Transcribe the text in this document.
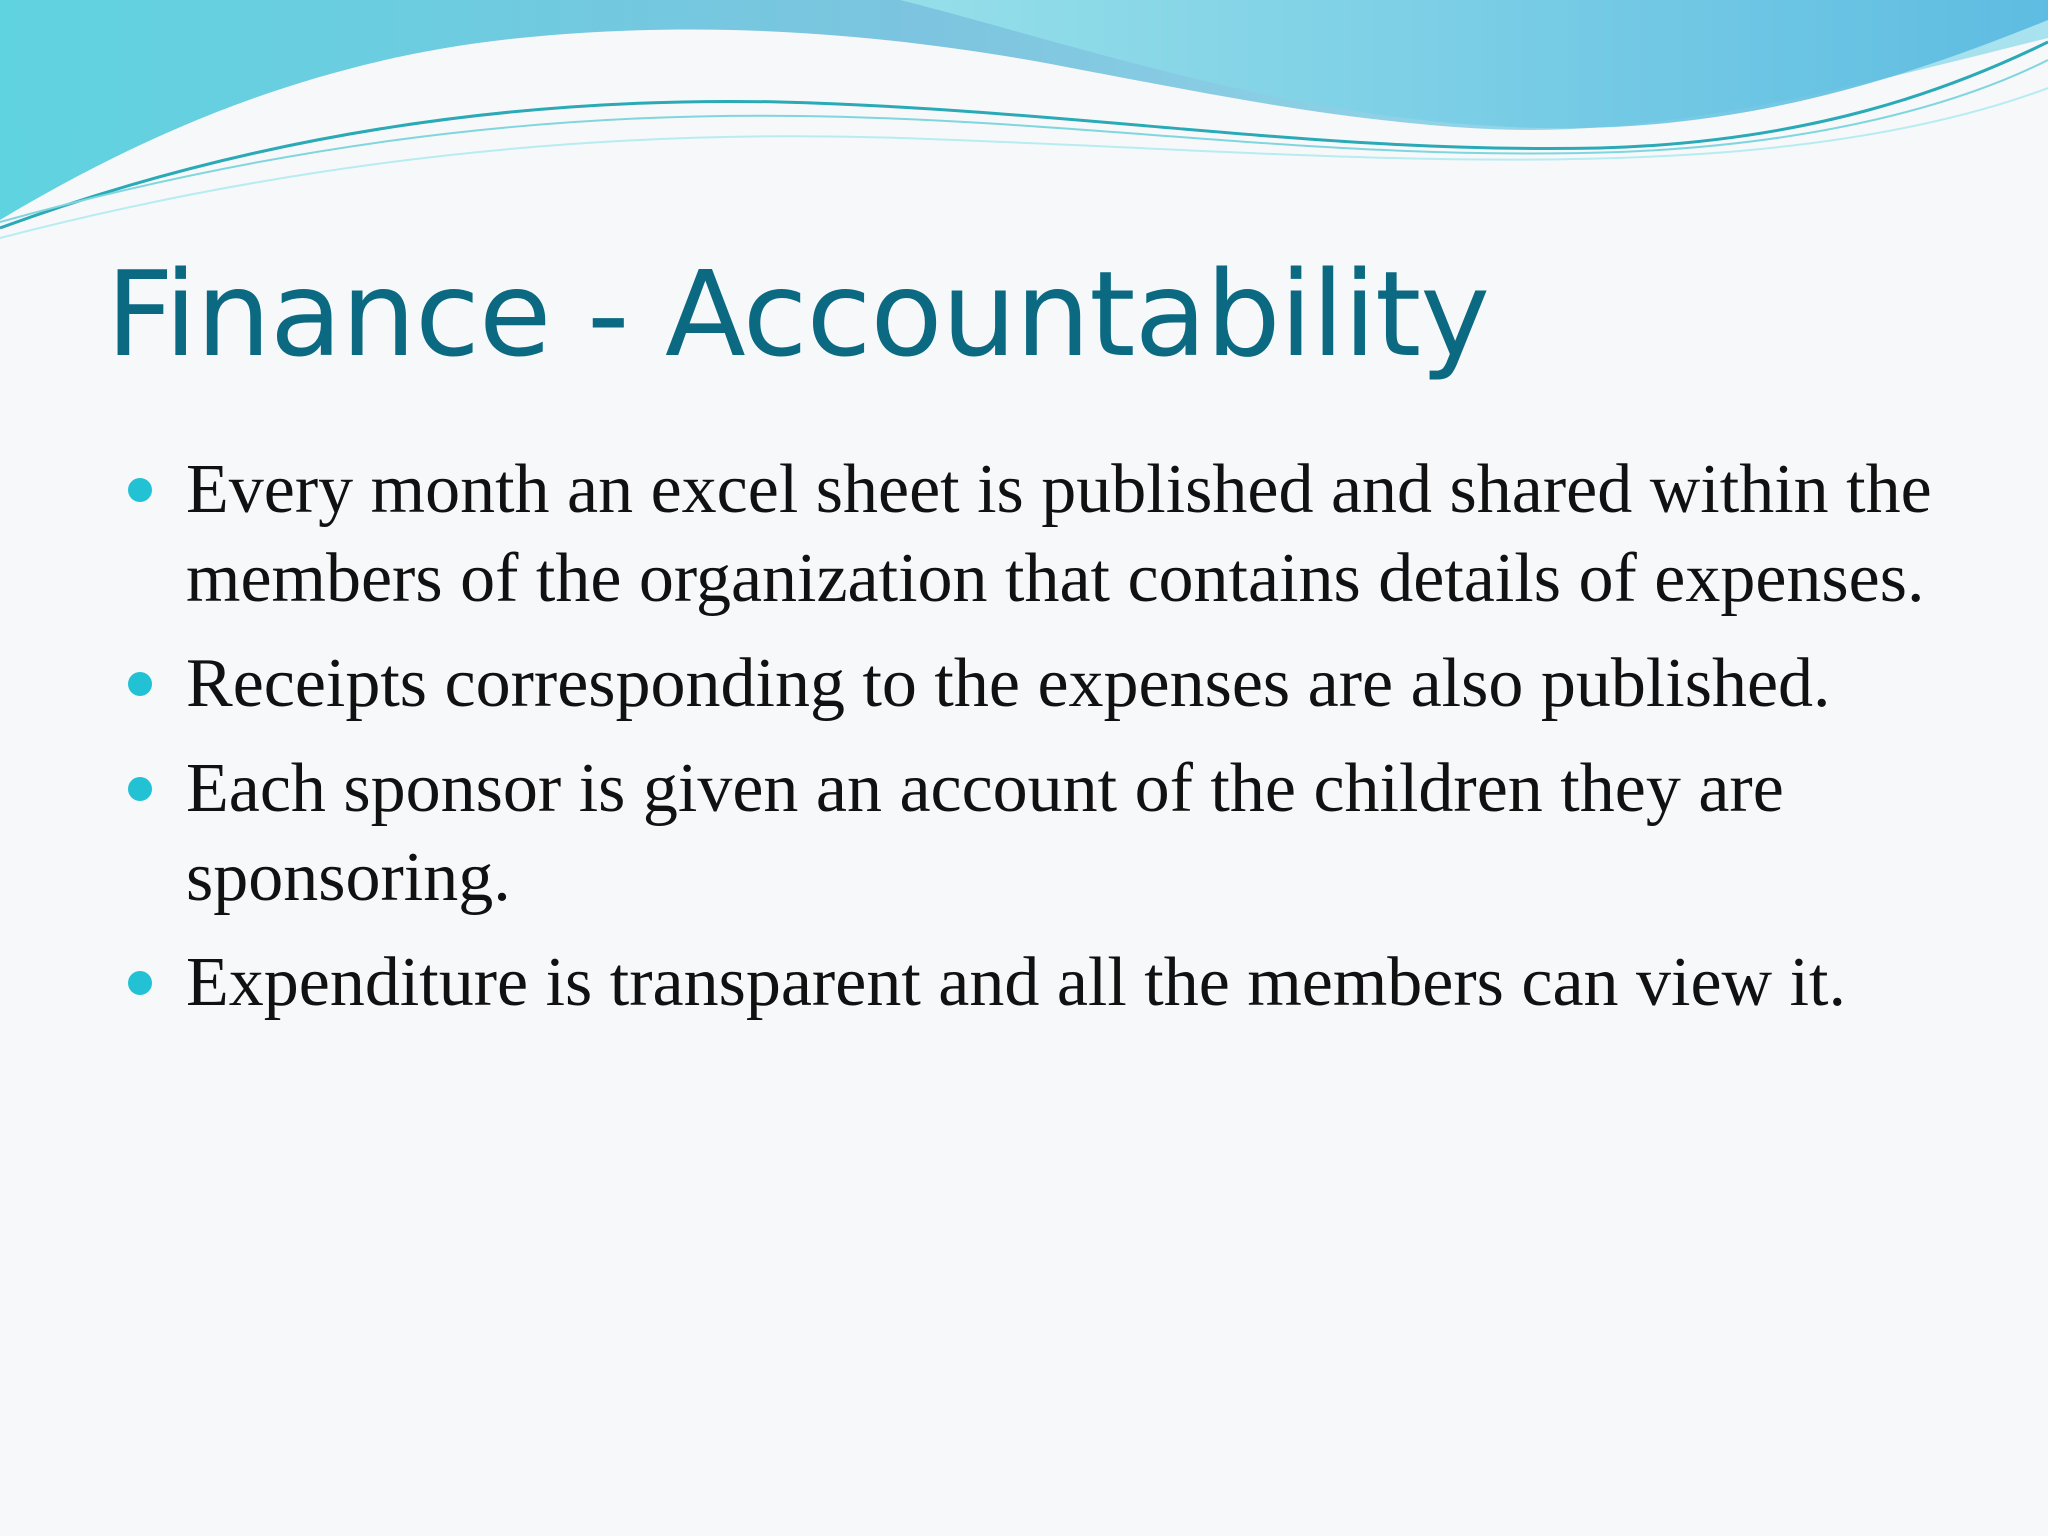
Finance - Accountability
Every month an excel sheet is published and shared within the members of the organization that contains details of expenses.
Receipts corresponding to the expenses are also published.
Each sponsor is given an account of the children they are sponsoring.
Expenditure is transparent and all the members can view it.
